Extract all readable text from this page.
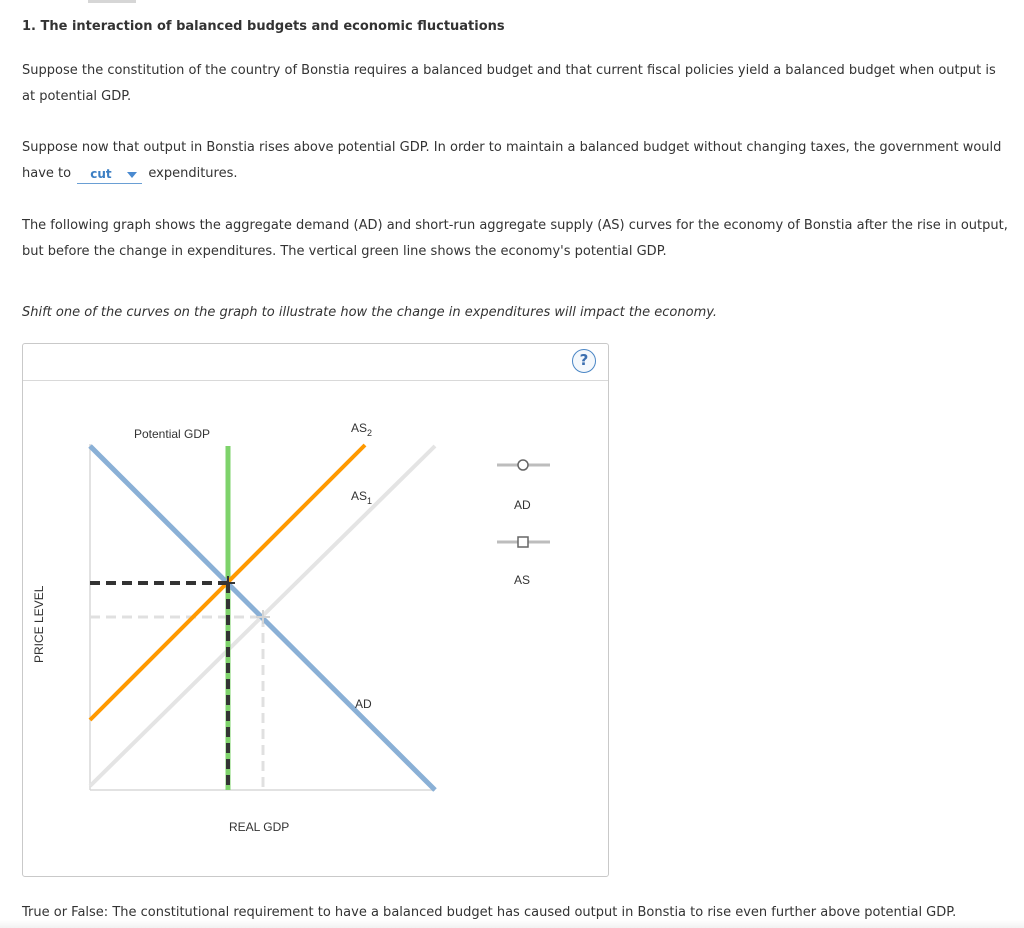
1. The interaction of balanced budgets and economic fluctuations

Suppose the constitution of the country of Bonstia requires a balanced budget and that current fiscal policies yield a balanced budget when output is at potential GDP.

Suppose now that output in Bonstia rises above potential GDP. In order to maintain a balanced budget without changing taxes, the government would have to cut	expenditures.

The following graph shows the aggregate demand (AD) and short-run aggregate supply (AS) curves for the economy of Bonstia after the rise in output, but before the change in expenditures. The vertical green line shows the economy's potential GDP.

Shift one of the curves on the graph to illustrate how the change in expenditures will impact the economy.

?
Potential GDP	$AS_2$
$AS_1$
AD
PRICE LEVEL
REAL GDP
AD
AS

True or False: The constitutional requirement to have a balanced budget has caused output in Bonstia to rise even further above potential GDP.
